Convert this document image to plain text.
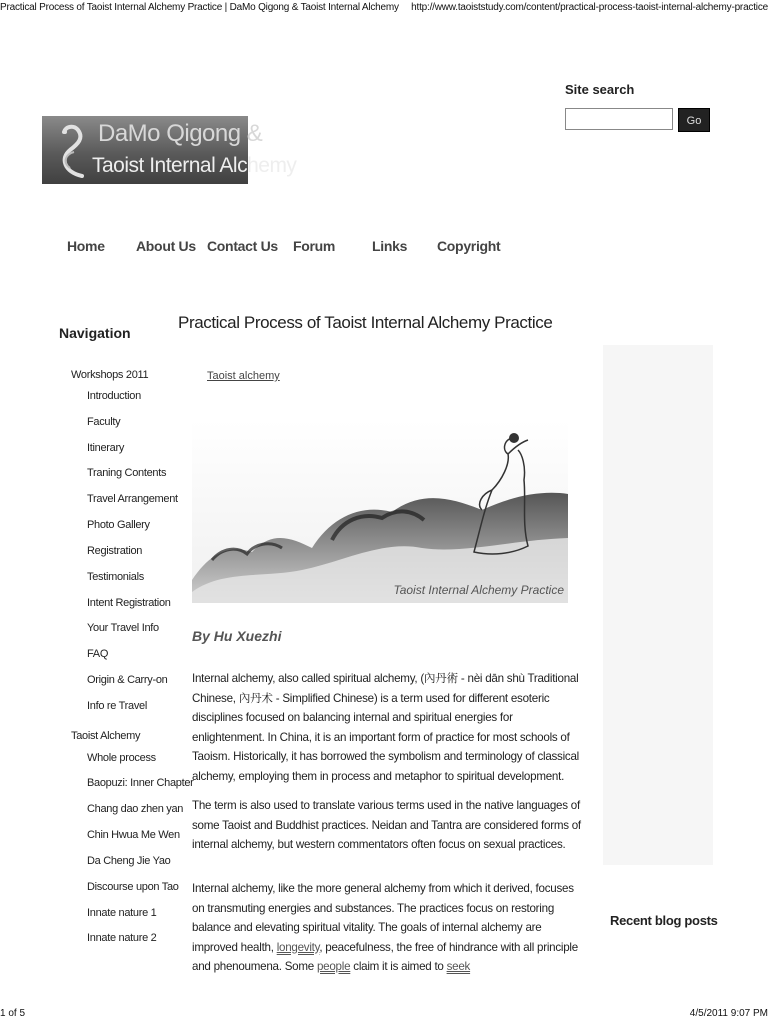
Practical Process of Taoist Internal Alchemy Practice | DaMo Qigong & Taoist Internal Alchemy http://www.taoiststudy.com/content/practical-process-taoist-internal-alchemy-practice
1 of 5	4/5/2011 9:07 PM
Site search
Go
DaMo Qigong &
Taoist Internal Alchemy
Home About Us Contact Us Forum	Links Copyright
Navigation
Workshops 2011
Introduction
Faculty
Itinerary
Traning Contents
Travel Arrangement
Photo Gallery
Registration
Testimonials
Intent Registration
Your Travel Info
FAQ
Origin & Carry-on
Info re Travel
Taoist Alchemy
Whole process
Baopuzi: Inner Chapter
Chang dao zhen yan
Chin Hwua Me Wen
Da Cheng Jie Yao
Discourse upon Tao
Innate nature 1
Innate nature 2
Practical Process of Taoist Internal Alchemy Practice
Taoist alchemy
Taoist Internal Alchemy Practice
By Hu Xuezhi
Internal alchemy, also called spiritual alchemy, (內丹術 - nèi dān shù Traditional Chinese, 內丹术 - Simplified Chinese) is a term used for different esoteric disciplines focused on balancing internal and spiritual energies for enlightenment. In China, it is an important form of practice for most schools of Taoism. Historically, it has borrowed the symbolism and terminology of classical alchemy, employing them in process and metaphor to spiritual development.
The term is also used to translate various terms used in the native languages of some Taoist and Buddhist practices. Neidan and Tantra are considered forms of internal alchemy, but western commentators often focus on sexual practices.
Internal alchemy, like the more general alchemy from which it derived, focuses on transmuting energies and substances. The practices focus on restoring balance and elevating spiritual vitality. The goals of internal alchemy are improved health, longevity, peacefulness, the free of hindrance with all principle and phenoumena. Some people claim it is aimed to seek
Recent blog posts
